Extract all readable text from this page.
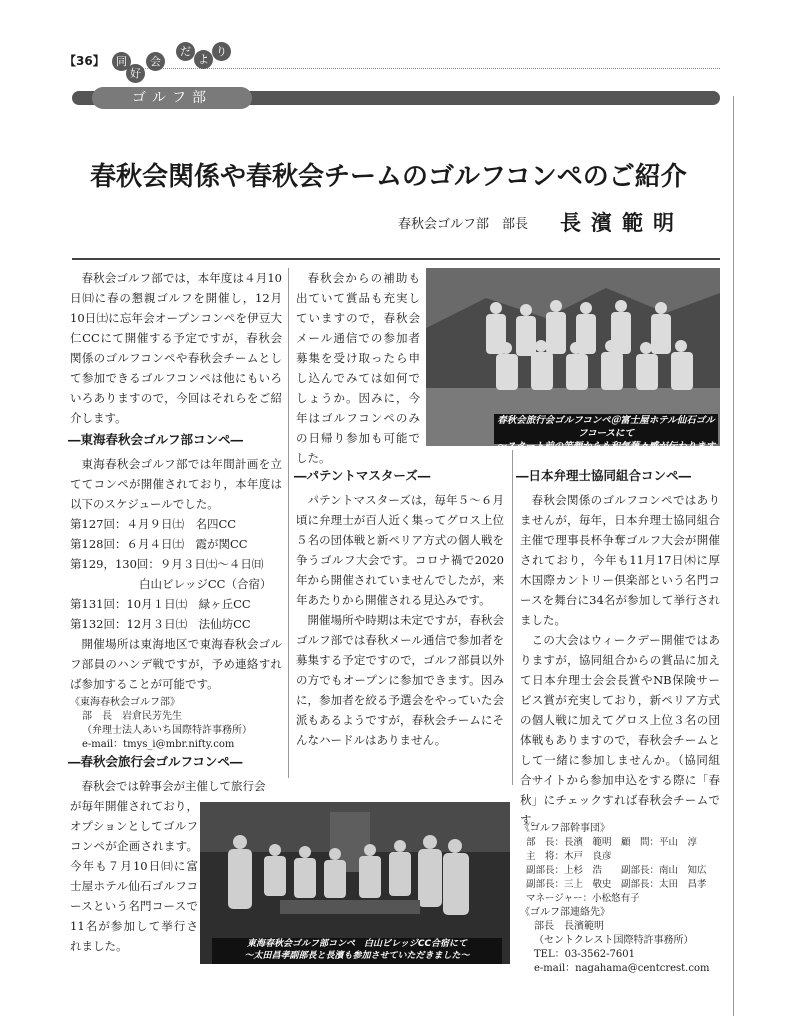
【36】	同
好
会
だ
よ
り
ゴルフ部
春秋会関係や春秋会チームのゴルフコンペのご紹介
春秋会ゴルフ部　部長 長濱範明

春秋会ゴルフ部では，本年度は４月10日㈰に春の懇親ゴルフを開催し，12月10日㈯に忘年会オープンコンペを伊豆大仁CCにて開催する予定ですが，春秋会関係のゴルフコンペや春秋会チームとして参加できるゴルフコンペは他にもいろいろありますので，今回はそれらをご紹介します。

―東海春秋会ゴルフ部コンペ―

東海春秋会ゴルフ部では年間計画を立ててコンペが開催されており，本年度は以下のスケジュールでした。

第127回：４月９日㈯　名四CC
第128回：６月４日㈯　霞が関CC
第129，130回：９月３日㈯～４日㈰
　　　　　　白山ビレッジCC（合宿）
第131回：10月１日㈯　緑ヶ丘CC
第132回：12月３日㈯　法仙坊CC

開催場所は東海地区で東海春秋会ゴルフ部員のハンデ戦ですが，予め連絡すれば参加することが可能です。

《東海春秋会ゴルフ部》
部　長　岩倉民芳先生
（弁理士法人あいち国際特許事務所）
e-mail：tmys_i@mbr.nifty.com
―春秋会旅行会ゴルフコンペ―

春秋会では幹事会が主催して旅行会

が毎年開催されており，オプションとしてゴルフコンペが企画されます。今年も７月10日㈰に富士屋ホテル仙石ゴルフコースという名門コースで11名が参加して挙行されました。

春秋会からの補助も出ていて賞品も充実していますので，春秋会メール通信での参加者募集を受け取ったら申し込んでみては如何でしょうか。因みに，今年はゴルフコンペのみの日帰り参加も可能でした。

―パテントマスターズ―

パテントマスターズは，毎年５～６月頃に弁理士が百人近く集ってグロス上位５名の団体戦と新ペリア方式の個人戦を争うゴルフ大会です。コロナ禍で2020年から開催されていませんでしたが，来年あたりから開催される見込みです。

開催場所や時期は未定ですが，春秋会ゴルフ部では春秋メール通信で参加者を募集する予定ですので，ゴルフ部員以外の方でもオープンに参加できます。因みに，参加者を絞る予選会をやっていた会派もあるようですが，春秋会チームにそんなハードルはありません。

春秋会旅行会ゴルフコンペ＠富士屋ホテル仙石ゴルフコースにて
～スタート前の笑顔からも和気藹々感が伝わります～
―日本弁理士協同組合コンペ―

春秋会関係のゴルフコンペではありませんが，毎年，日本弁理士協同組合主催で理事長杯争奪ゴルフ大会が開催されており，今年も11月17日㈭に厚木国際カントリー倶楽部という名門コースを舞台に34名が参加して挙行されました。

この大会はウィークデー開催ではありますが，協同組合からの賞品に加えて日本弁理士会会長賞やNB保険サービス賞が充実しており，新ペリア方式の個人戦に加えてグロス上位３名の団体戦もありますので，春秋会チームとして一緒に参加しませんか。（協同組合サイトから参加申込をする際に「春秋」にチェックすれば春秋会チームです。

《ゴルフ部幹事団》
部　長：長濱　範明　顧　問：平山　淳
主　将：木戸　良彦
副部長：上杉　浩　　副部長：南山　知広
副部長：三上　敬史　副部長：太田　昌孝
マネージャー：小松悠有子
《ゴルフ部連絡先》
部長　長濱範明
（セントクレスト国際特許事務所）
TEL：03-3562-7601
e-mail：nagahama@centcrest.com
東海春秋会ゴルフ部コンペ　白山ビレッジCC合宿にて
～太田昌孝副部長と長濱も参加させていただきました～
